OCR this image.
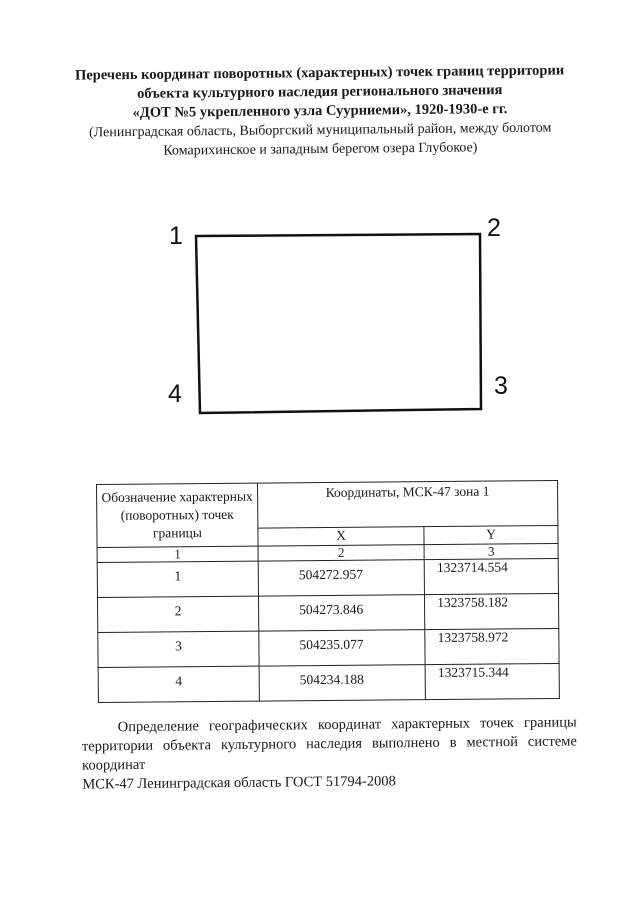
Перечень координат поворотных (характерных) точек границ территории
объекта культурного наследия регионального значения
«ДОТ №5 укрепленного узла Суурниеми», 1920-1930-е гг.
(Ленинградская область, Выборгский муниципальный район, между болотом
Комарихинское и западным берегом озера Глубокое)
1	2
3
4
Обозначение характерных (поворотных) точек границы	Координаты, МСК-47 зона 1	
	X	Y
1	2	3
1	504272.957	1323714.554
2	504273.846	1323758.182
3	504235.077	1323758.972
4	504234.188	1323715.344
Определение географических координат характерных точек границы
территории объекта культурного наследия выполнено в местной системе координат
МСК-47 Ленинградская область ГОСТ 51794-2008
